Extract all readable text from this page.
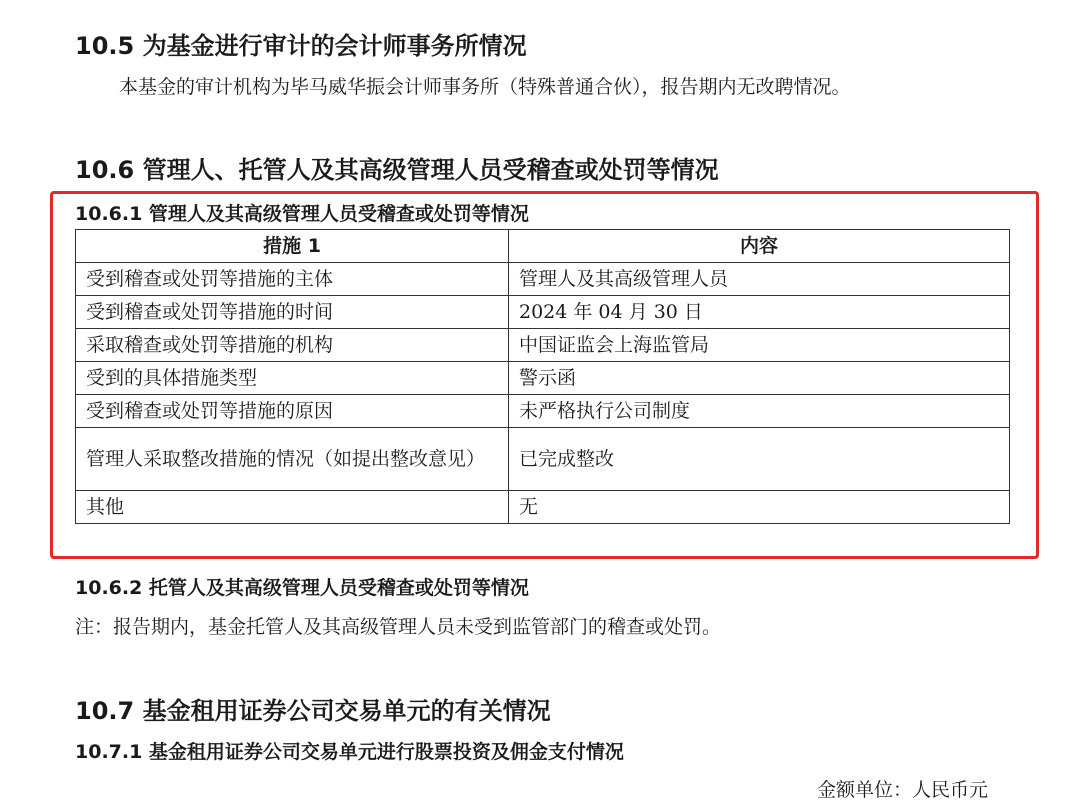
10.5 为基金进行审计的会计师事务所情况
本基金的审计机构为毕马威华振会计师事务所（特殊普通合伙），报告期内无改聘情况。
10.6 管理人、托管人及其高级管理人员受稽查或处罚等情况
10.6.1 管理人及其高级管理人员受稽查或处罚等情况
措施 1	内容
受到稽查或处罚等措施的主体	管理人及其高级管理人员
受到稽查或处罚等措施的时间	2024 年 04 月 30 日
采取稽查或处罚等措施的机构	中国证监会上海监管局
受到的具体措施类型	警示函
受到稽查或处罚等措施的原因	未严格执行公司制度
管理人采取整改措施的情况（如提出整改意见）	已完成整改
其他	无
10.6.2 托管人及其高级管理人员受稽查或处罚等情况
注：报告期内，基金托管人及其高级管理人员未受到监管部门的稽查或处罚。
10.7 基金租用证券公司交易单元的有关情况
10.7.1 基金租用证券公司交易单元进行股票投资及佣金支付情况
金额单位：人民币元
